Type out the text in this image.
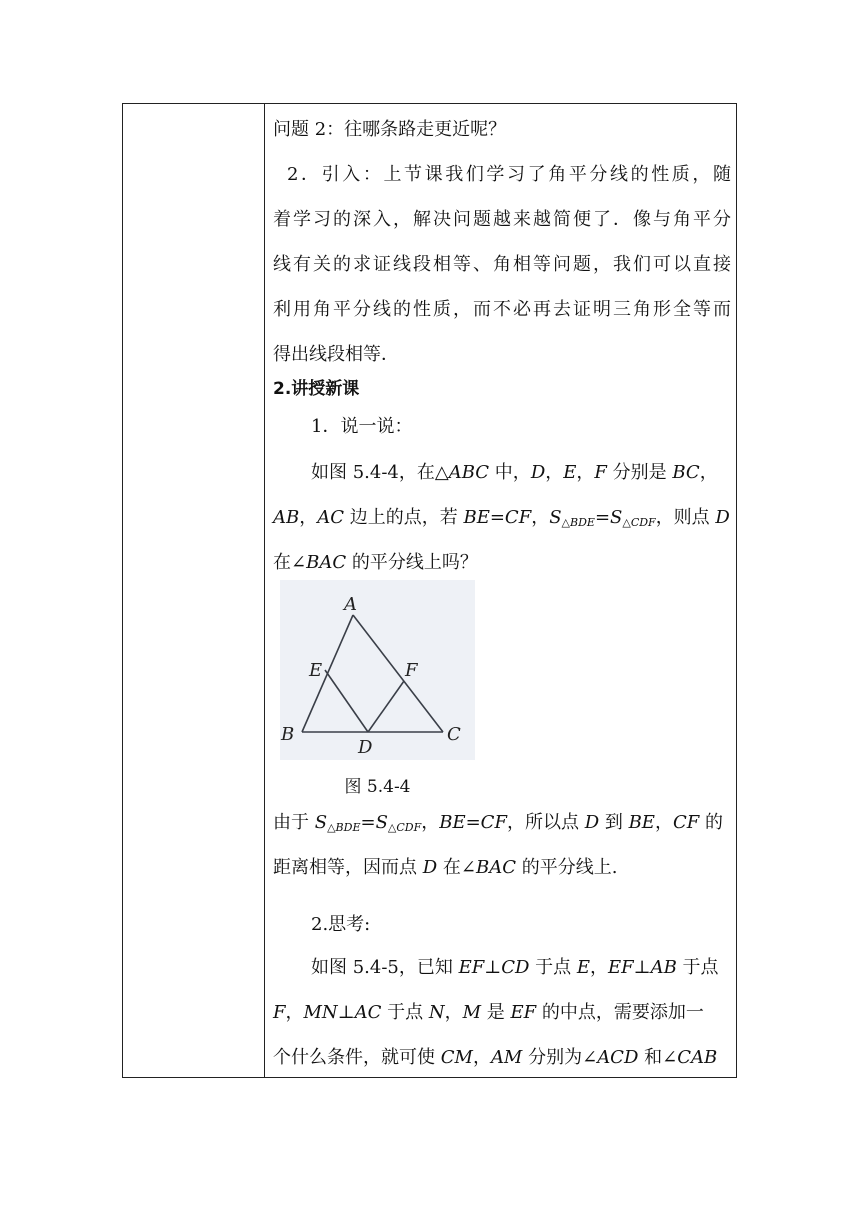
问题 2：往哪条路走更近呢？
2．引入：上节课我们学习了角平分线的性质，随
着学习的深入，解决问题越来越简便了．像与角平分
线有关的求证线段相等、角相等问题，我们可以直接
利用角平分线的性质，而不必再去证明三角形全等而
得出线段相等．
2.讲授新课
1．说一说：
如图 5.4-4，在△ABC 中，D，E，F 分别是 BC，
AB，AC 边上的点，若 BE=CF，$S_{\triangle BDE}=S_{\triangle CDF}$，则点 D
在∠BAC 的平分线上吗？
由于 $S_{\triangle BDE}=S_{\triangle CDF}$，BE=CF，所以点 D 到 BE，CF 的
距离相等，因而点 D 在∠BAC 的平分线上.
2.思考:
如图 5.4-5，已知 EF⊥CD 于点 E，EF⊥AB 于点
F，MN⊥AC 于点 N，M 是 EF 的中点，需要添加一
个什么条件，就可使 CM，AM 分别为∠ACD 和∠CAB
A
E	F
B
D
C
图 5.4-4
